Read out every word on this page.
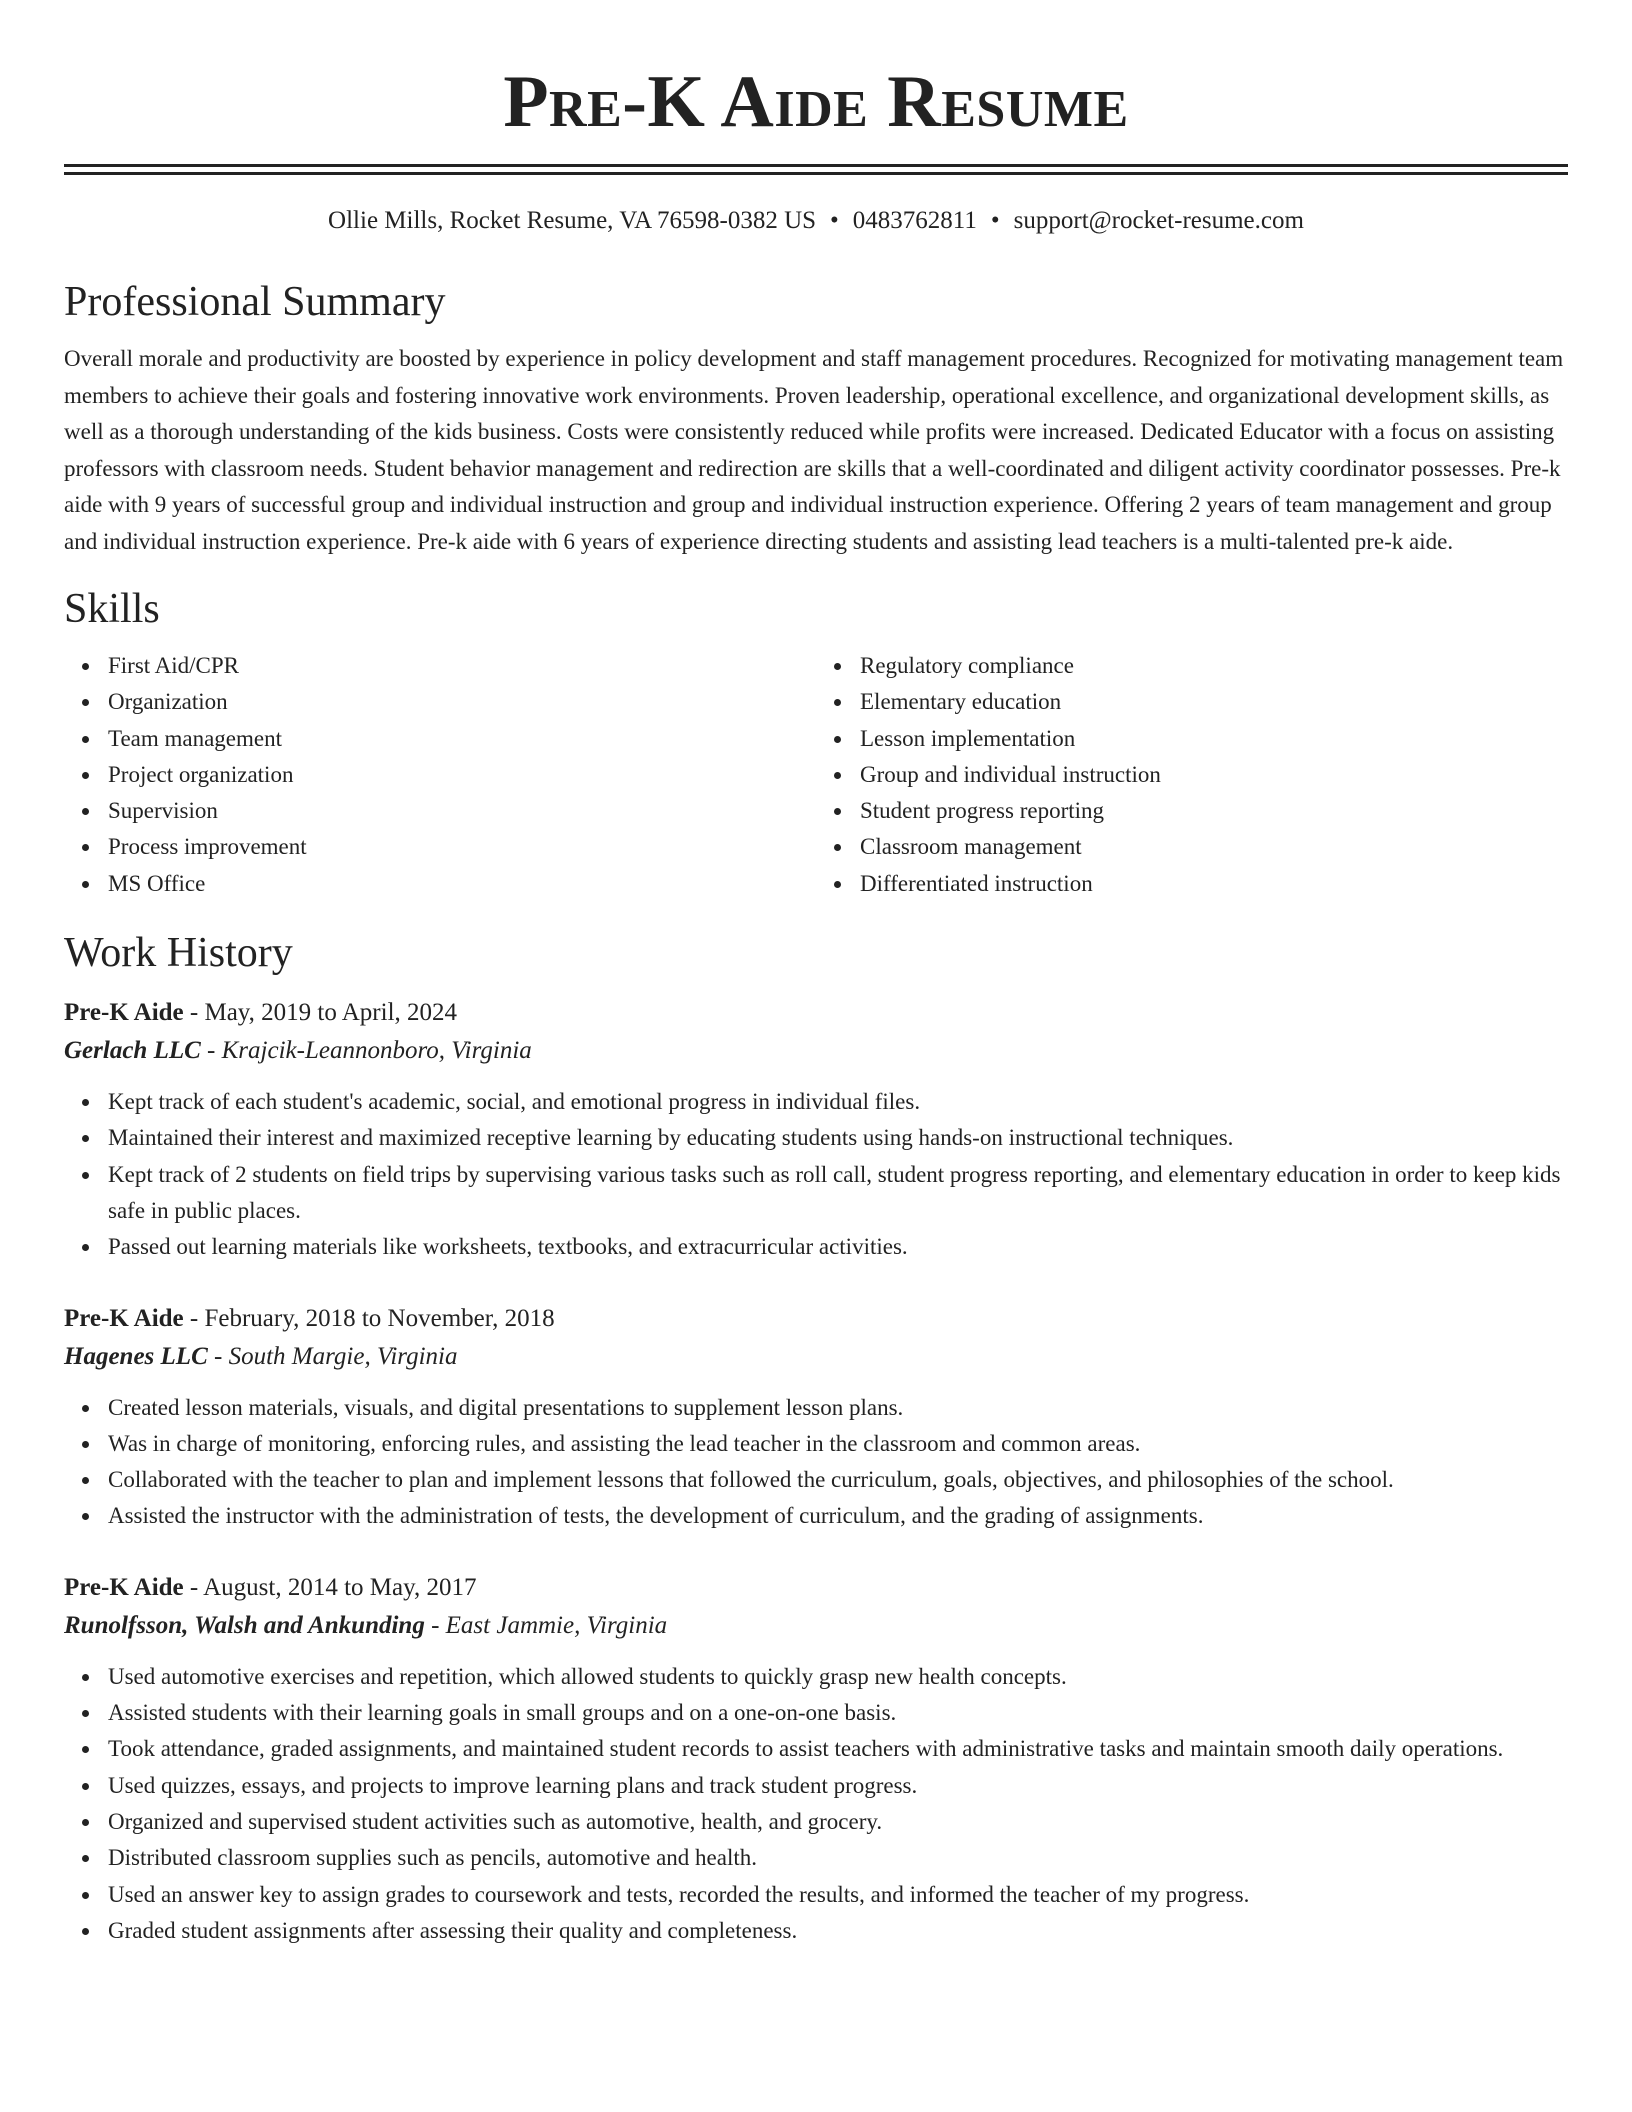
Pre-K Aide Resume
Ollie Mills, Rocket Resume, VA 76598-0382 US • 0483762811 • support@rocket-resume.com
Professional Summary

Overall morale and productivity are boosted by experience in policy development and staff management procedures. Recognized for motivating management team members to achieve their goals and fostering innovative work environments. Proven leadership, operational excellence, and organizational development skills, as well as a thorough understanding of the kids business. Costs were consistently reduced while profits were increased. Dedicated Educator with a focus on assisting professors with classroom needs. Student behavior management and redirection are skills that a well-coordinated and diligent activity coordinator possesses. Pre-k aide with 9 years of successful group and individual instruction and group and individual instruction experience. Offering 2 years of team management and group and individual instruction experience. Pre-k aide with 6 years of experience directing students and assisting lead teachers is a multi-talented pre-k aide.

Skills
First Aid/CPR
Organization
Team management
Project organization
Supervision
Process improvement
MS Office
Regulatory compliance
Elementary education
Lesson implementation
Group and individual instruction
Student progress reporting
Classroom management
Differentiated instruction
Work History
Pre-K Aide - May, 2019 to April, 2024
Gerlach LLC - Krajcik-Leannonboro, Virginia
Kept track of each student's academic, social, and emotional progress in individual files.
Maintained their interest and maximized receptive learning by educating students using hands-on instructional techniques.
Kept track of 2 students on field trips by supervising various tasks such as roll call, student progress reporting, and elementary education in order to keep kids safe in public places.
Passed out learning materials like worksheets, textbooks, and extracurricular activities.
Pre-K Aide - February, 2018 to November, 2018
Hagenes LLC - South Margie, Virginia
Created lesson materials, visuals, and digital presentations to supplement lesson plans.
Was in charge of monitoring, enforcing rules, and assisting the lead teacher in the classroom and common areas.
Collaborated with the teacher to plan and implement lessons that followed the curriculum, goals, objectives, and philosophies of the school.
Assisted the instructor with the administration of tests, the development of curriculum, and the grading of assignments.
Pre-K Aide - August, 2014 to May, 2017
Runolfsson, Walsh and Ankunding - East Jammie, Virginia
Used automotive exercises and repetition, which allowed students to quickly grasp new health concepts.
Assisted students with their learning goals in small groups and on a one-on-one basis.
Took attendance, graded assignments, and maintained student records to assist teachers with administrative tasks and maintain smooth daily operations.
Used quizzes, essays, and projects to improve learning plans and track student progress.
Organized and supervised student activities such as automotive, health, and grocery.
Distributed classroom supplies such as pencils, automotive and health.
Used an answer key to assign grades to coursework and tests, recorded the results, and informed the teacher of my progress.
Graded student assignments after assessing their quality and completeness.
